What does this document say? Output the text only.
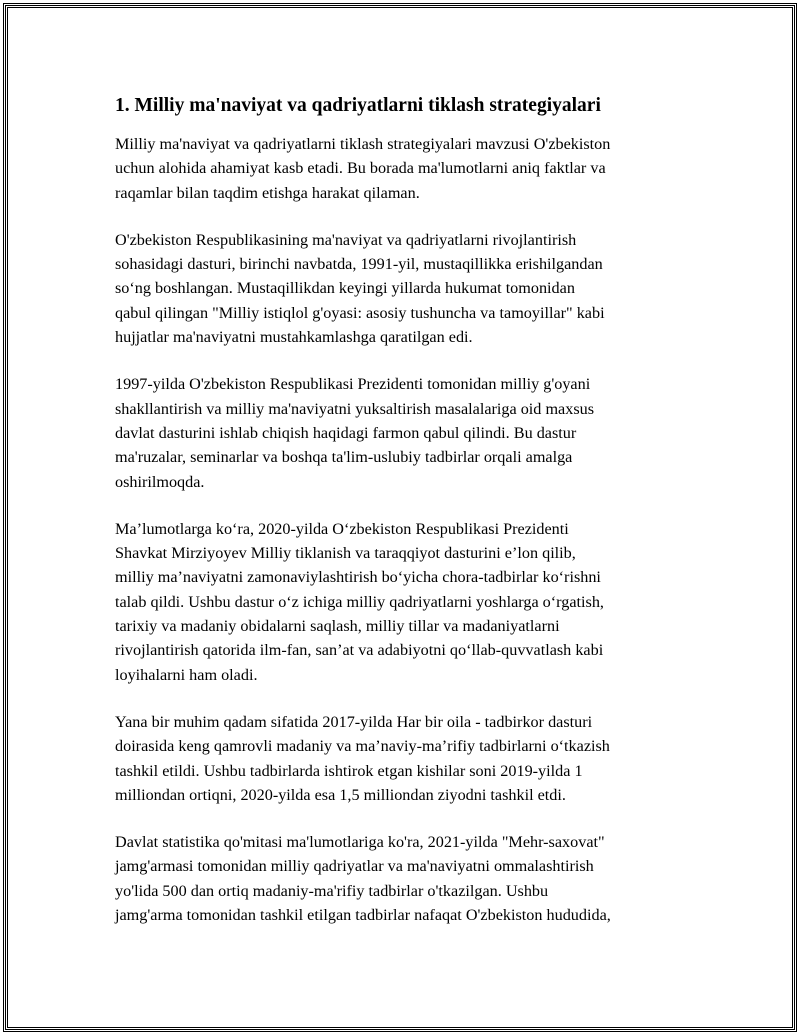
1. Milliy ma'naviyat va qadriyatlarni tiklash strategiyalari

Milliy ma'naviyat va qadriyatlarni tiklash strategiyalari mavzusi O'zbekiston
uchun alohida ahamiyat kasb etadi. Bu borada ma'lumotlarni aniq faktlar va
raqamlar bilan taqdim etishga harakat qilaman.

O'zbekiston Respublikasining ma'naviyat va qadriyatlarni rivojlantirish
sohasidagi dasturi, birinchi navbatda, 1991-yil, mustaqillikka erishilgandan
so‘ng boshlangan. Mustaqillikdan keyingi yillarda hukumat tomonidan
qabul qilingan "Milliy istiqlol g'oyasi: asosiy tushuncha va tamoyillar" kabi
hujjatlar ma'naviyatni mustahkamlashga qaratilgan edi.

1997-yilda O'zbekiston Respublikasi Prezidenti tomonidan milliy g'oyani
shakllantirish va milliy ma'naviyatni yuksaltirish masalalariga oid maxsus
davlat dasturini ishlab chiqish haqidagi farmon qabul qilindi. Bu dastur
ma'ruzalar, seminarlar va boshqa ta'lim-uslubiy tadbirlar orqali amalga
oshirilmoqda.

Ma’lumotlarga ko‘ra, 2020-yilda O‘zbekiston Respublikasi Prezidenti
Shavkat Mirziyoyev Milliy tiklanish va taraqqiyot dasturini e’lon qilib,
milliy ma’naviyatni zamonaviylashtirish bo‘yicha chora-tadbirlar ko‘rishni
talab qildi. Ushbu dastur o‘z ichiga milliy qadriyatlarni yoshlarga o‘rgatish,
tarixiy va madaniy obidalarni saqlash, milliy tillar va madaniyatlarni
rivojlantirish qatorida ilm-fan, san’at va adabiyotni qo‘llab-quvvatlash kabi
loyihalarni ham oladi.

Yana bir muhim qadam sifatida 2017-yilda Har bir oila - tadbirkor dasturi
doirasida keng qamrovli madaniy va ma’naviy-ma’rifiy tadbirlarni o‘tkazish
tashkil etildi. Ushbu tadbirlarda ishtirok etgan kishilar soni 2019-yilda 1
milliondan ortiqni, 2020-yilda esa 1,5 milliondan ziyodni tashkil etdi.

Davlat statistika qo'mitasi ma'lumotlariga ko'ra, 2021-yilda "Mehr-saxovat"
jamg'armasi tomonidan milliy qadriyatlar va ma'naviyatni ommalashtirish
yo'lida 500 dan ortiq madaniy-ma'rifiy tadbirlar o'tkazilgan. Ushbu
jamg'arma tomonidan tashkil etilgan tadbirlar nafaqat O'zbekiston hududida,
